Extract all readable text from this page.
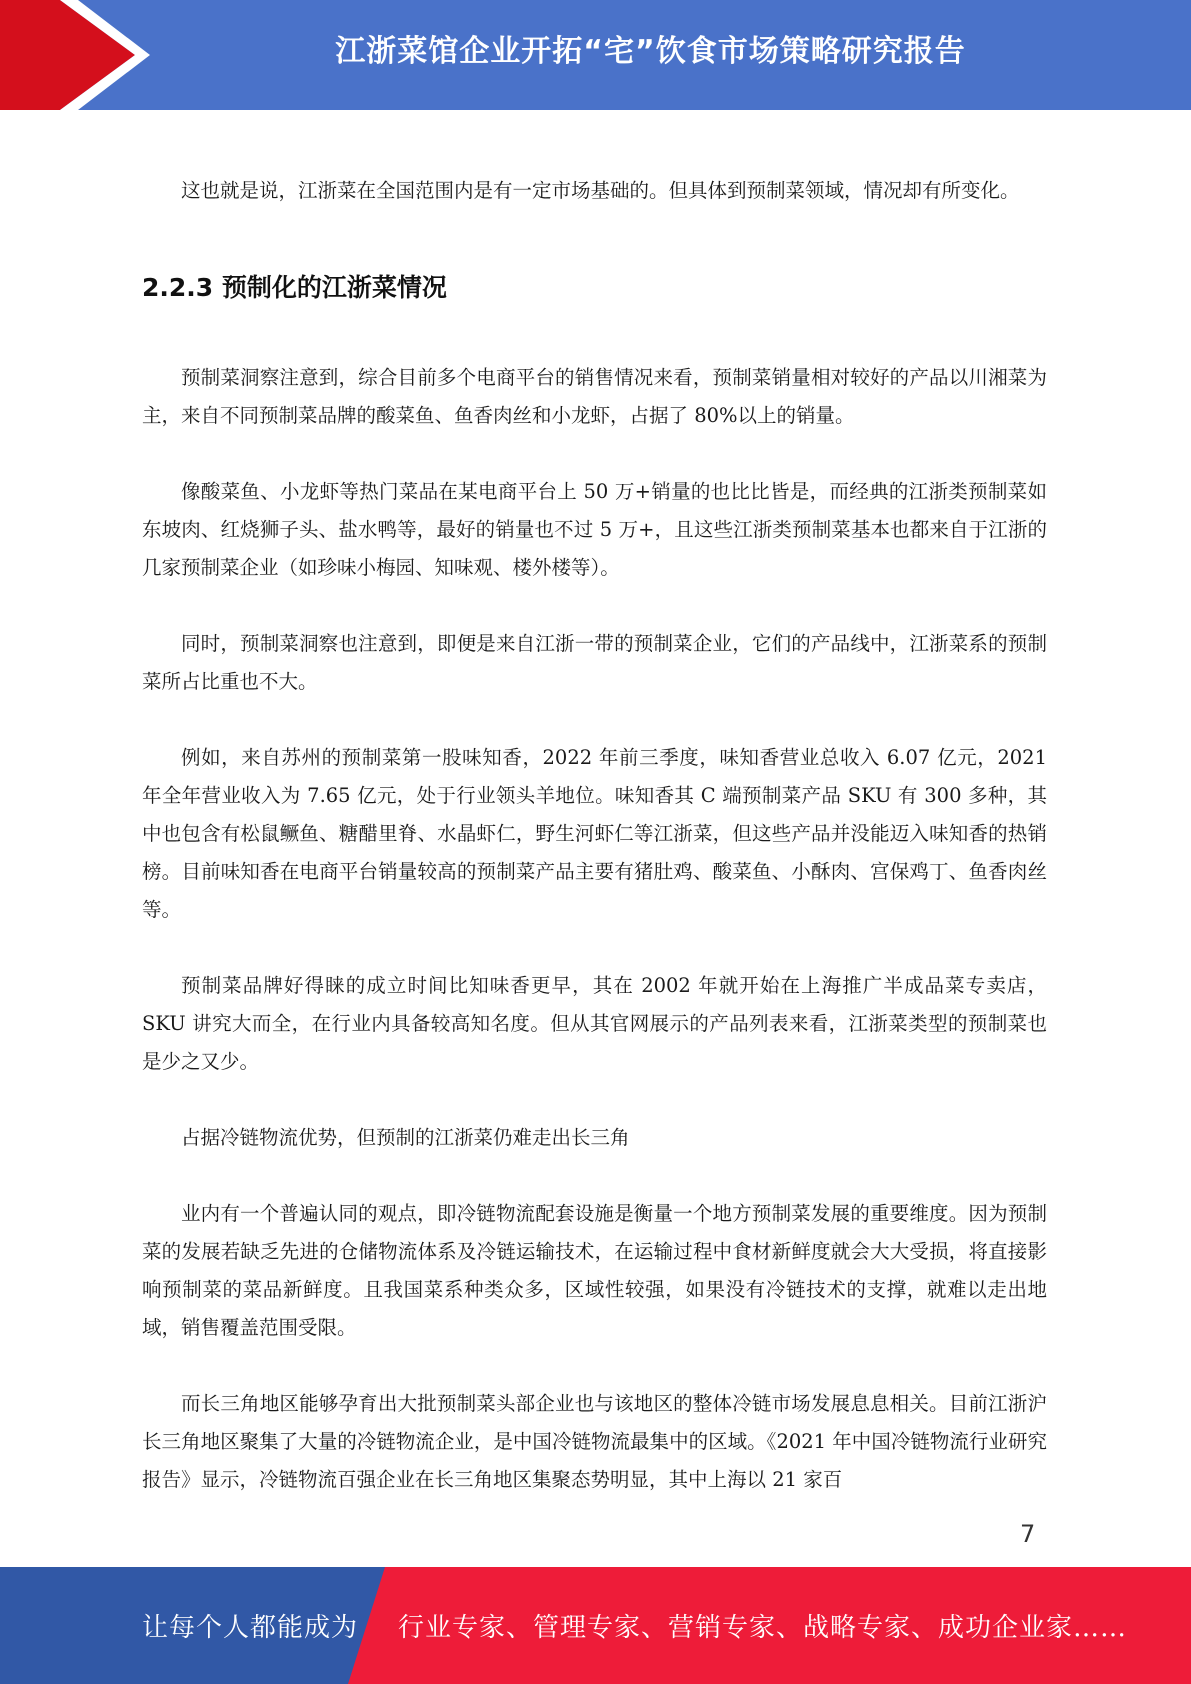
江浙菜馆企业开拓“宅”饮食市场策略研究报告

这也就是说，江浙菜在全国范围内是有一定市场基础的。但具体到预制菜领域，情况却有所变化。

2.2.3 预制化的江浙菜情况

预制菜洞察注意到，综合目前多个电商平台的销售情况来看，预制菜销量相对较好的产品以川湘菜为主，来自不同预制菜品牌的酸菜鱼、鱼香肉丝和小龙虾，占据了 80%以上的销量。

像酸菜鱼、小龙虾等热门菜品在某电商平台上 50 万+销量的也比比皆是，而经典的江浙类预制菜如东坡肉、红烧狮子头、盐水鸭等，最好的销量也不过 5 万+，且这些江浙类预制菜基本也都来自于江浙的几家预制菜企业（如珍味小梅园、知味观、楼外楼等）。

同时，预制菜洞察也注意到，即便是来自江浙一带的预制菜企业，它们的产品线中，江浙菜系的预制菜所占比重也不大。

例如，来自苏州的预制菜第一股味知香，2022 年前三季度，味知香营业总收入 6.07 亿元，2021 年全年营业收入为 7.65 亿元，处于行业领头羊地位。味知香其 C 端预制菜产品 SKU 有 300 多种，其中也包含有松鼠鳜鱼、糖醋里脊、水晶虾仁，野生河虾仁等江浙菜，但这些产品并没能迈入味知香的热销榜。目前味知香在电商平台销量较高的预制菜产品主要有猪肚鸡、酸菜鱼、小酥肉、宫保鸡丁、鱼香肉丝等。

预制菜品牌好得睐的成立时间比知味香更早，其在 2002 年就开始在上海推广半成品菜专卖店，SKU 讲究大而全，在行业内具备较高知名度。但从其官网展示的产品列表来看，江浙菜类型的预制菜也是少之又少。

占据冷链物流优势，但预制的江浙菜仍难走出长三角

业内有一个普遍认同的观点，即冷链物流配套设施是衡量一个地方预制菜发展的重要维度。因为预制菜的发展若缺乏先进的仓储物流体系及冷链运输技术，在运输过程中食材新鲜度就会大大受损，将直接影响预制菜的菜品新鲜度。且我国菜系种类众多，区域性较强，如果没有冷链技术的支撑，就难以走出地域，销售覆盖范围受限。

而长三角地区能够孕育出大批预制菜头部企业也与该地区的整体冷链市场发展息息相关。目前江浙沪长三角地区聚集了大量的冷链物流企业，是中国冷链物流最集中的区域。《2021 年中国冷链物流行业研究报告》显示，冷链物流百强企业在长三角地区集聚态势明显，其中上海以 21 家百

7
让每个人都能成为 行业专家、管理专家、营销专家、战略专家、成功企业家……
